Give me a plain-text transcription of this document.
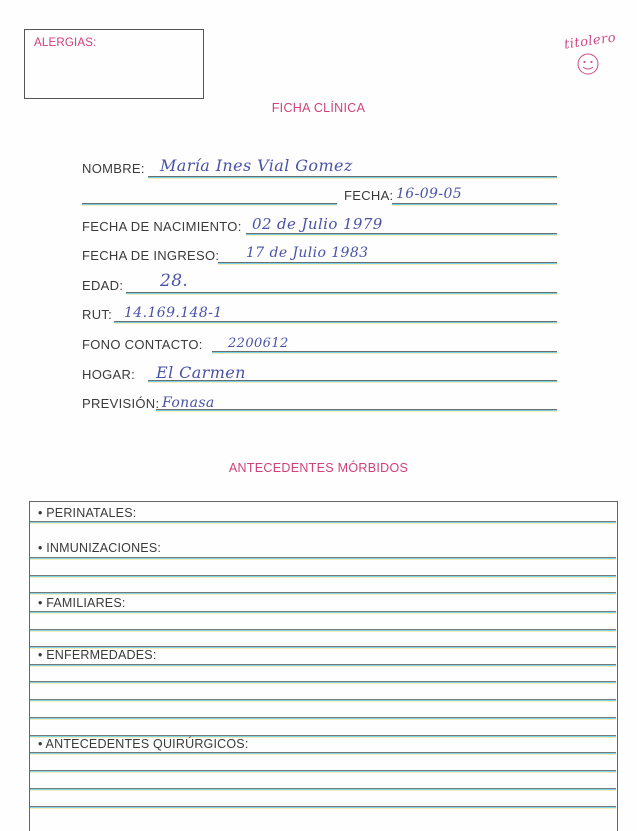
ALERGIAS:	titolero
FICHA CLÍNICA
NOMBRE: María Ines Vial Gomez
FECHA: 16-09-05
FECHA DE NACIMIENTO: 02 de Julio 1979
FECHA DE INGRESO: 17 de Julio 1983
EDAD: 28.
RUT: 14.169.148-1
FONO CONTACTO: 2200612
HOGAR: El Carmen
PREVISIÓN: Fonasa
ANTECEDENTES MÓRBIDOS
• PERINATALES:
• INMUNIZACIONES:
• FAMILIARES:
• ENFERMEDADES:
• ANTECEDENTES QUIRÚRGICOS:
